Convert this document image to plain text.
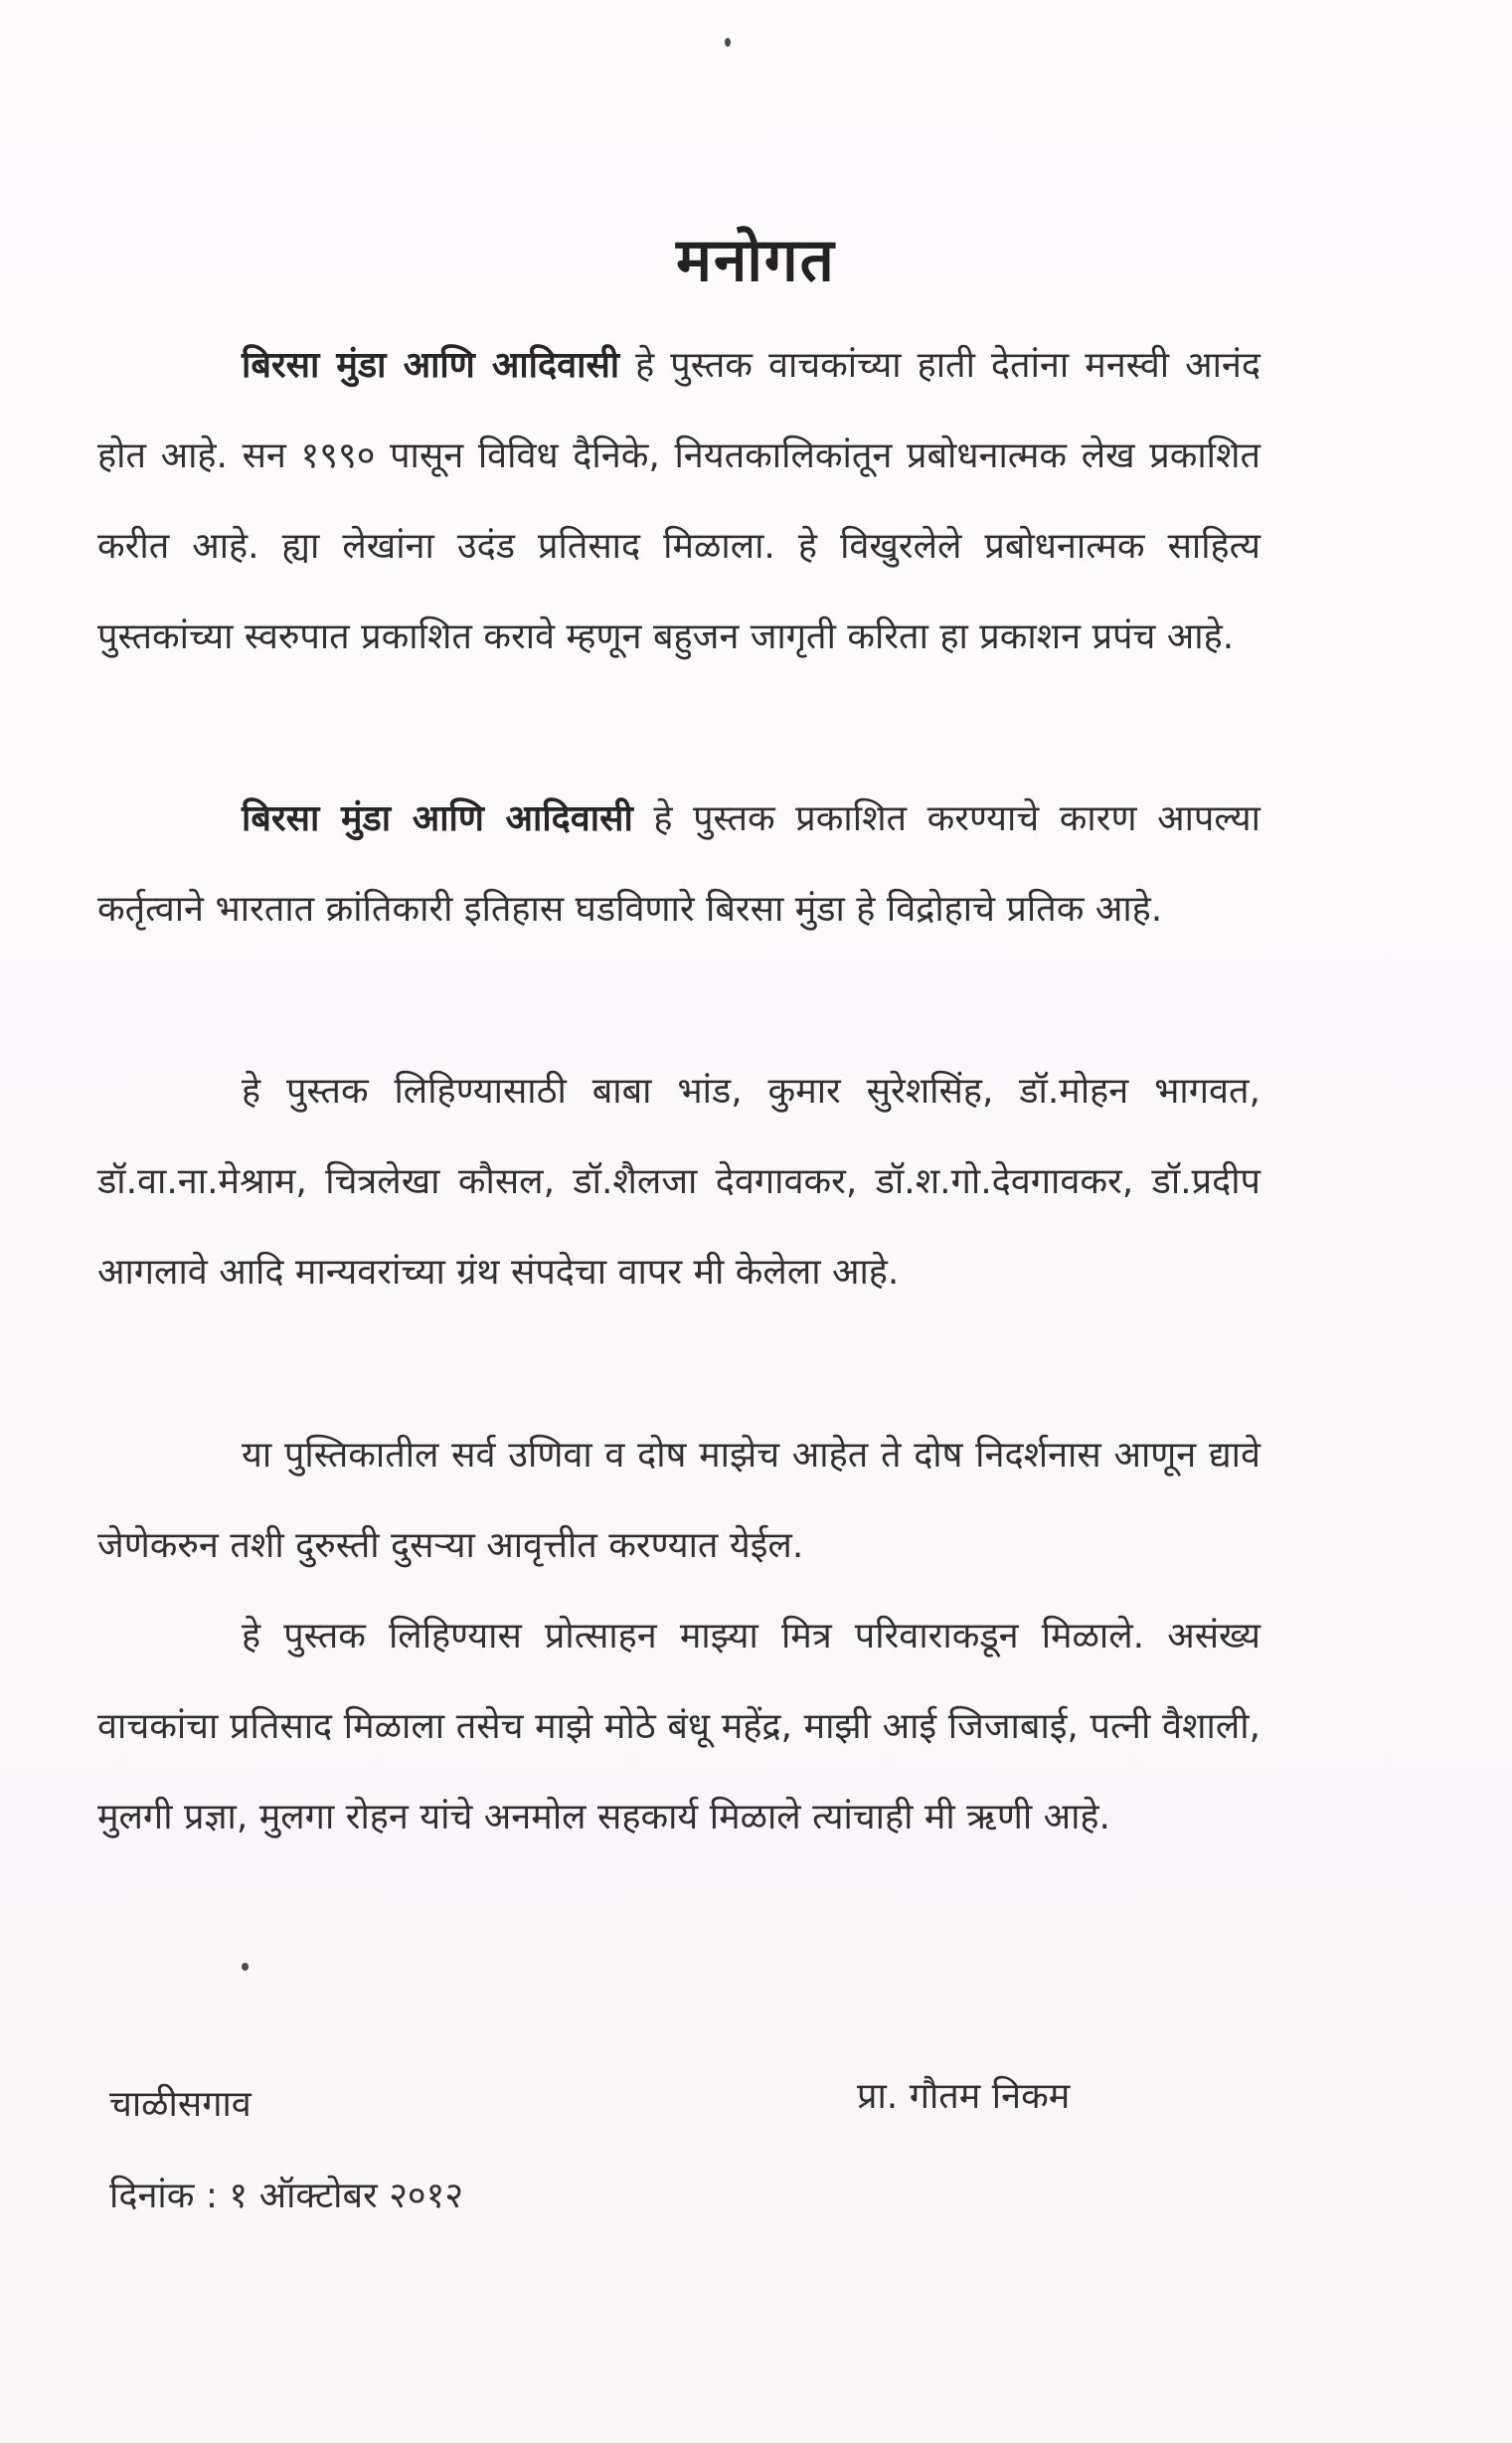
मनोगत
बिरसा मुंडा आणि आदिवासी हे पुस्तक वाचकांच्या हाती देतांना मनस्वी आनंद होत आहे. सन १९९० पासून विविध दैनिके, नियतकालिकांतून प्रबोधनात्मक लेख प्रकाशित करीत आहे. ह्या लेखांना उदंड प्रतिसाद मिळाला. हे विखुरलेले प्रबोधनात्मक साहित्य पुस्तकांच्या स्वरुपात प्रकाशित करावे म्हणून बहुजन जागृती करिता हा प्रकाशन प्रपंच आहे.
बिरसा मुंडा आणि आदिवासी हे पुस्तक प्रकाशित करण्याचे कारण आपल्या कर्तृत्वाने भारतात क्रांतिकारी इतिहास घडविणारे बिरसा मुंडा हे विद्रोहाचे प्रतिक आहे.
हे पुस्तक लिहिण्यासाठी बाबा भांड, कुमार सुरेशसिंह, डॉ.मोहन भागवत, डॉ.वा.ना.मेश्राम, चित्रलेखा कौसल, डॉ.शैलजा देवगावकर, डॉ.श.गो.देवगावकर, डॉ.प्रदीप आगलावे आदि मान्यवरांच्या ग्रंथ संपदेचा वापर मी केलेला आहे.
या पुस्तिकातील सर्व उणिवा व दोष माझेच आहेत ते दोष निदर्शनास आणून द्यावे जेणेकरुन तशी दुरुस्ती दुसऱ्या आवृत्तीत करण्यात येईल.
हे पुस्तक लिहिण्यास प्रोत्साहन माझ्या मित्र परिवाराकडून मिळाले. असंख्य वाचकांचा प्रतिसाद मिळाला तसेच माझे मोठे बंधू महेंद्र, माझी आई जिजाबाई, पत्नी वैशाली, मुलगी प्रज्ञा, मुलगा रोहन यांचे अनमोल सहकार्य मिळाले त्यांचाही मी ऋणी आहे.
चाळीसगाव	प्रा. गौतम निकम
दिनांक : १ ऑक्टोबर २०१२
